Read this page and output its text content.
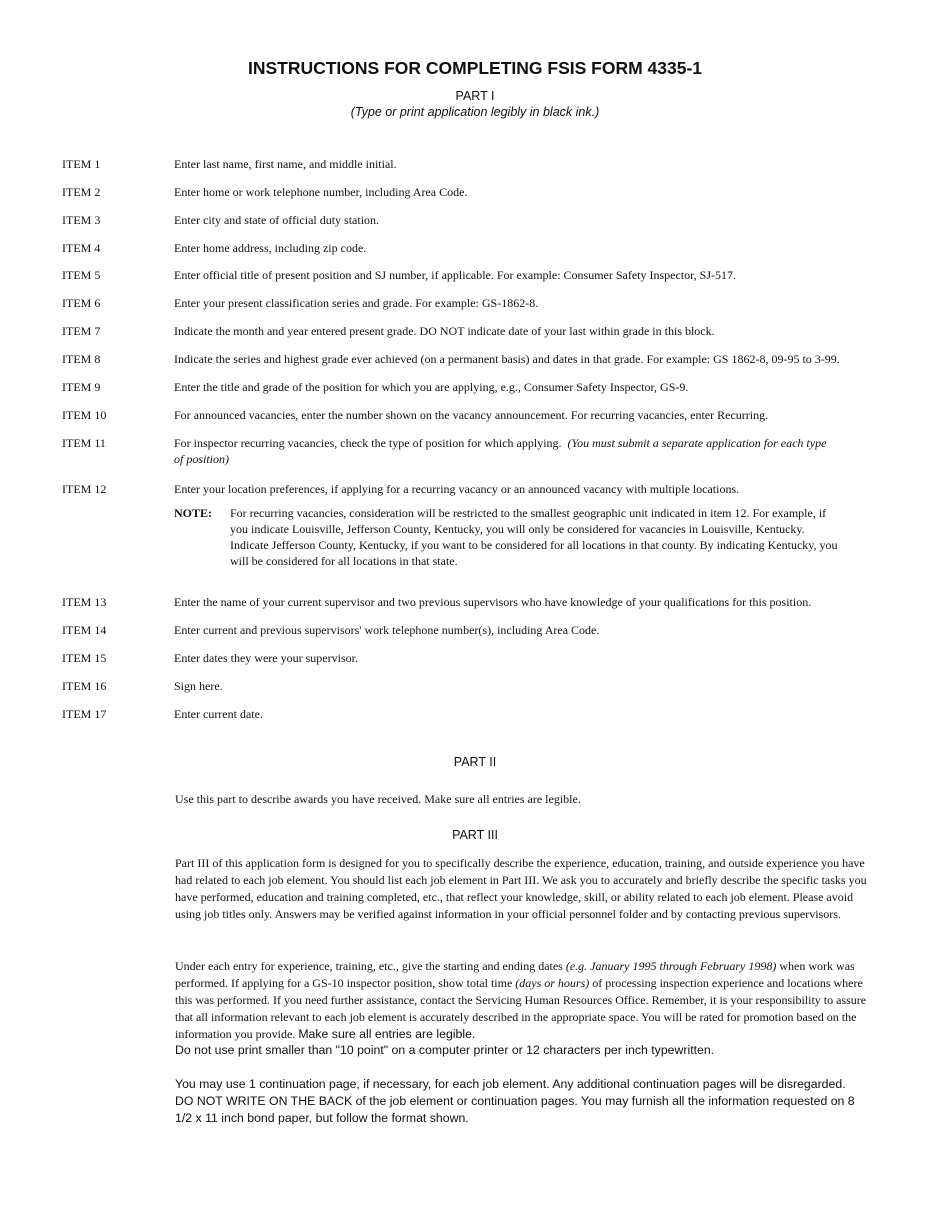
INSTRUCTIONS FOR COMPLETING FSIS FORM 4335-1
PART I
(Type or print application legibly in black ink.)
ITEM 1	Enter last name, first name, and middle initial.
ITEM 2	Enter home or work telephone number, including Area Code.
ITEM 3	Enter city and state of official duty station.
ITEM 4	Enter home address, including zip code.
ITEM 5	Enter official title of present position and SJ number, if applicable. For example: Consumer Safety Inspector, SJ-517.
ITEM 6	Enter your present classification series and grade. For example: GS-1862-8.
ITEM 7	Indicate the month and year entered present grade. DO NOT indicate date of your last within grade in this block.
ITEM 8	Indicate the series and highest grade ever achieved (on a permanent basis) and dates in that grade. For example: GS 1862-8, 09-95 to 3-99.
ITEM 9	Enter the title and grade of the position for which you are applying, e.g., Consumer Safety Inspector, GS-9.
ITEM 10	For announced vacancies, enter the number shown on the vacancy announcement. For recurring vacancies, enter Recurring.
ITEM 11	For inspector recurring vacancies, check the type of position for which applying. (You must submit a separate application for each type of position)
ITEM 12	Enter your location preferences, if applying for a recurring vacancy or an announced vacancy with multiple locations.
NOTE: For recurring vacancies, consideration will be restricted to the smallest geographic unit indicated in item 12. For example, if you indicate Louisville, Jefferson County, Kentucky, you will only be considered for vacancies in Louisville, Kentucky. Indicate Jefferson County, Kentucky, if you want to be considered for all locations in that county. By indicating Kentucky, you will be considered for all locations in that state.
ITEM 13	Enter the name of your current supervisor and two previous supervisors who have knowledge of your qualifications for this position.
ITEM 14	Enter current and previous supervisors' work telephone number(s), including Area Code.
ITEM 15	Enter dates they were your supervisor.
ITEM 16	Sign here.
ITEM 17	Enter current date.
PART II
Use this part to describe awards you have received. Make sure all entries are legible.
PART III
Part III of this application form is designed for you to specifically describe the experience, education, training, and outside experience you have had related to each job element. You should list each job element in Part III. We ask you to accurately and briefly describe the specific tasks you have performed, education and training completed, etc., that reflect your knowledge, skill, or ability related to each job element. Please avoid using job titles only. Answers may be verified against information in your official personnel folder and by contacting previous supervisors.
Under each entry for experience, training, etc., give the starting and ending dates (e.g. January 1995 through February 1998) when work was performed. If applying for a GS-10 inspector position, show total time (days or hours) of processing inspection experience and locations where this was performed. If you need further assistance, contact the Servicing Human Resources Office. Remember, it is your responsibility to assure that all information relevant to each job element is accurately described in the appropriate space. You will be rated for promotion based on the information you provide. Make sure all entries are legible.
Do not use print smaller than "10 point" on a computer printer or 12 characters per inch typewritten.
You may use 1 continuation page, if necessary, for each job element. Any additional continuation pages will be disregarded. DO NOT WRITE ON THE BACK of the job element or continuation pages. You may furnish all the information requested on 8 1/2 x 11 inch bond paper, but follow the format shown.
